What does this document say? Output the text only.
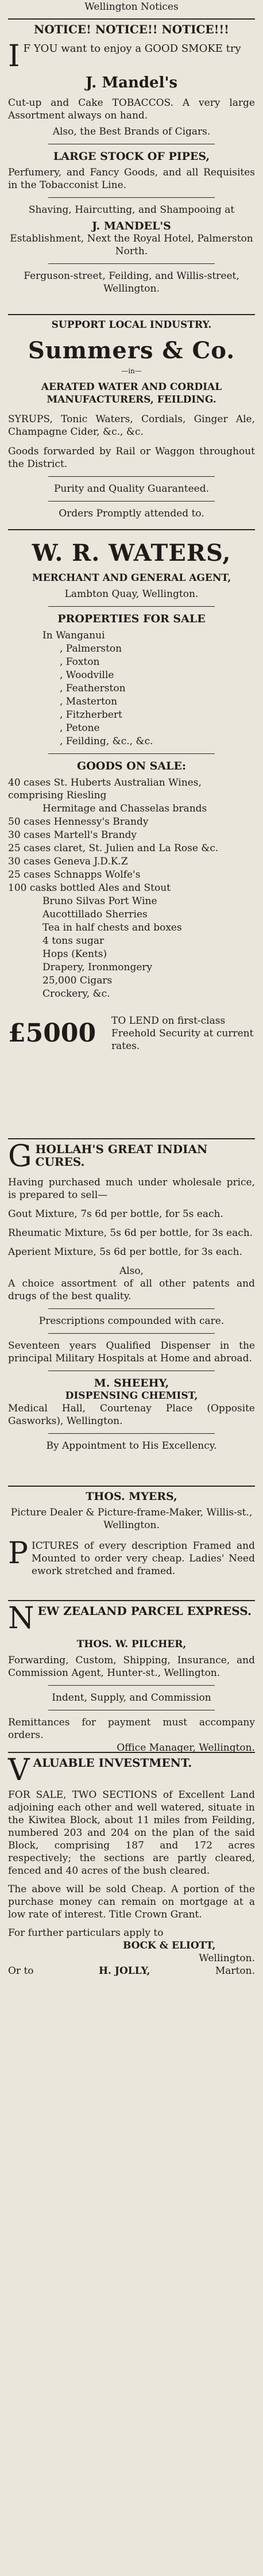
Wellington Notices

NOTICE! NOTICE!! NOTICE!!!

I F YOU want to enjoy a GOOD SMOKE try

J. Mandel's

Cut-up and Cake TOBACCOS. A very large Assortment always on hand.

Also, the Best Brands of Cigars.

LARGE STOCK OF PIPES,

Perfumery, and Fancy Goods, and all Requisites in the Tobacconist Line.

Shaving, Haircutting, and Shampooing at

J. MANDEL'S

Establishment, Next the Royal Hotel, Palmerston North.

Ferguson-street, Feilding, and Willis-street, Wellington.

SUPPORT LOCAL INDUSTRY.

Summers & Co.

—in—

AERATED WATER AND CORDIAL MANUFACTURERS, FEILDING.

SYRUPS, Tonic Waters, Cordials, Ginger Ale, Champagne Cider, &c., &c.

Goods forwarded by Rail or Waggon throughout the District.

Purity and Quality Guaranteed.

Orders Promptly attended to.

W. R. WATERS,

MERCHANT AND GENERAL AGENT,

Lambton Quay, Wellington.

PROPERTIES FOR SALE

In Wanganui

, Palmerston

, Foxton

, Woodville

, Featherston

, Masterton

, Fitzherbert

, Petone

, Feilding, &c., &c.

GOODS ON SALE:

40 cases St. Huberts Australian Wines, comprising Riesling

Hermitage and Chasselas brands

50 cases Hennessy's Brandy

30 cases Martell's Brandy

25 cases claret, St. Julien and La Rose &c.

30 cases Geneva J.D.K.Z

25 cases Schnapps Wolfe's

100 casks bottled Ales and Stout

Bruno Silvas Port Wine

Aucottillado Sherries

Tea in half chests and boxes

4 tons sugar

Hops (Kents)

Drapery, Ironmongery

25,000 Cigars

Crockery, &c.

£5000 TO LEND on first-class Freehold Security at current rates.

G HOLLAH'S GREAT INDIAN CURES.

Having purchased much under wholesale price, is prepared to sell—

Gout Mixture, 7s 6d per bottle, for 5s each.

Rheumatic Mixture, 5s 6d per bottle, for 3s each.

Aperient Mixture, 5s 6d per bottle, for 3s each.

Also,

A choice assortment of all other patents and drugs of the best quality.

Prescriptions compounded with care.

Seventeen years Qualified Dispenser in the principal Military Hospitals at Home and abroad.

M. SHEEHY,

DISPENSING CHEMIST,

Medical Hall, Courtenay Place (Opposite Gasworks), Wellington.

By Appointment to His Excellency.

THOS. MYERS,

Picture Dealer & Picture-frame-Maker, Willis-st., Wellington.

P ICTURES of every description Framed and Mounted to order very cheap. Ladies' Need ework stretched and framed.

N EW ZEALAND PARCEL EXPRESS.

THOS. W. PILCHER,

Forwarding, Custom, Shipping, Insurance, and Commission Agent, Hunter-st., Wellington.

Indent, Supply, and Commission

Remittances for payment must accompany orders.

Office Manager, Wellington.

V ALUABLE INVESTMENT.

FOR SALE, TWO SECTIONS of Excellent Land adjoining each other and well watered, situate in the Kiwitea Block, about 11 miles from Feilding, numbered 203 and 204 on the plan of the said Block, comprising 187 and 172 acres respectively; the sections are partly cleared, fenced and 40 acres of the bush cleared.

The above will be sold Cheap. A portion of the purchase money can remain on mortgage at a low rate of interest. Title Crown Grant.

For further particulars apply to

BOCK & ELIOTT,

Wellington.

Or to	H. JOLLY,	Marton.
